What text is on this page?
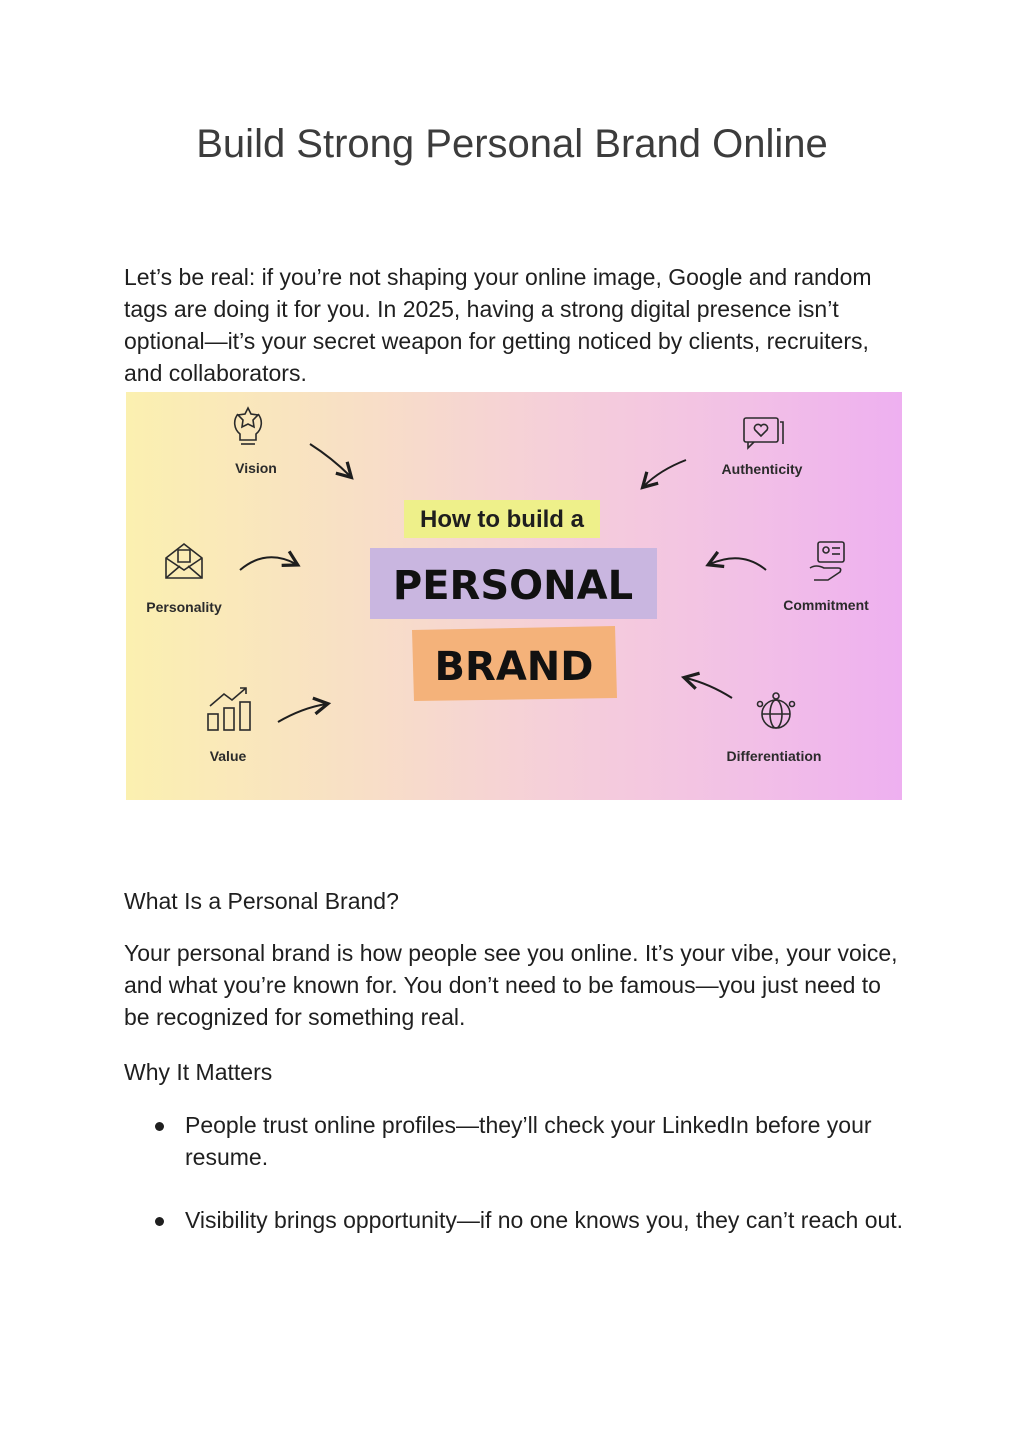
Build Strong Personal Brand Online

Let’s be real: if you’re not shaping your online image, Google and random tags are doing it for you. In 2025, having a strong digital presence isn’t optional—it’s your secret weapon for getting noticed by clients, recruiters, and collaborators.

How to build a
PERSONAL
BRAND
Vision
Personality
Value
Authenticity
Commitment
Differentiation

What Is a Personal Brand?

Your personal brand is how people see you online. It’s your vibe, your voice, and what you’re known for. You don’t need to be famous—you just need to be recognized for something real.

Why It Matters

People trust online profiles—they’ll check your LinkedIn before your resume.
Visibility brings opportunity—if no one knows you, they can’t reach out.
